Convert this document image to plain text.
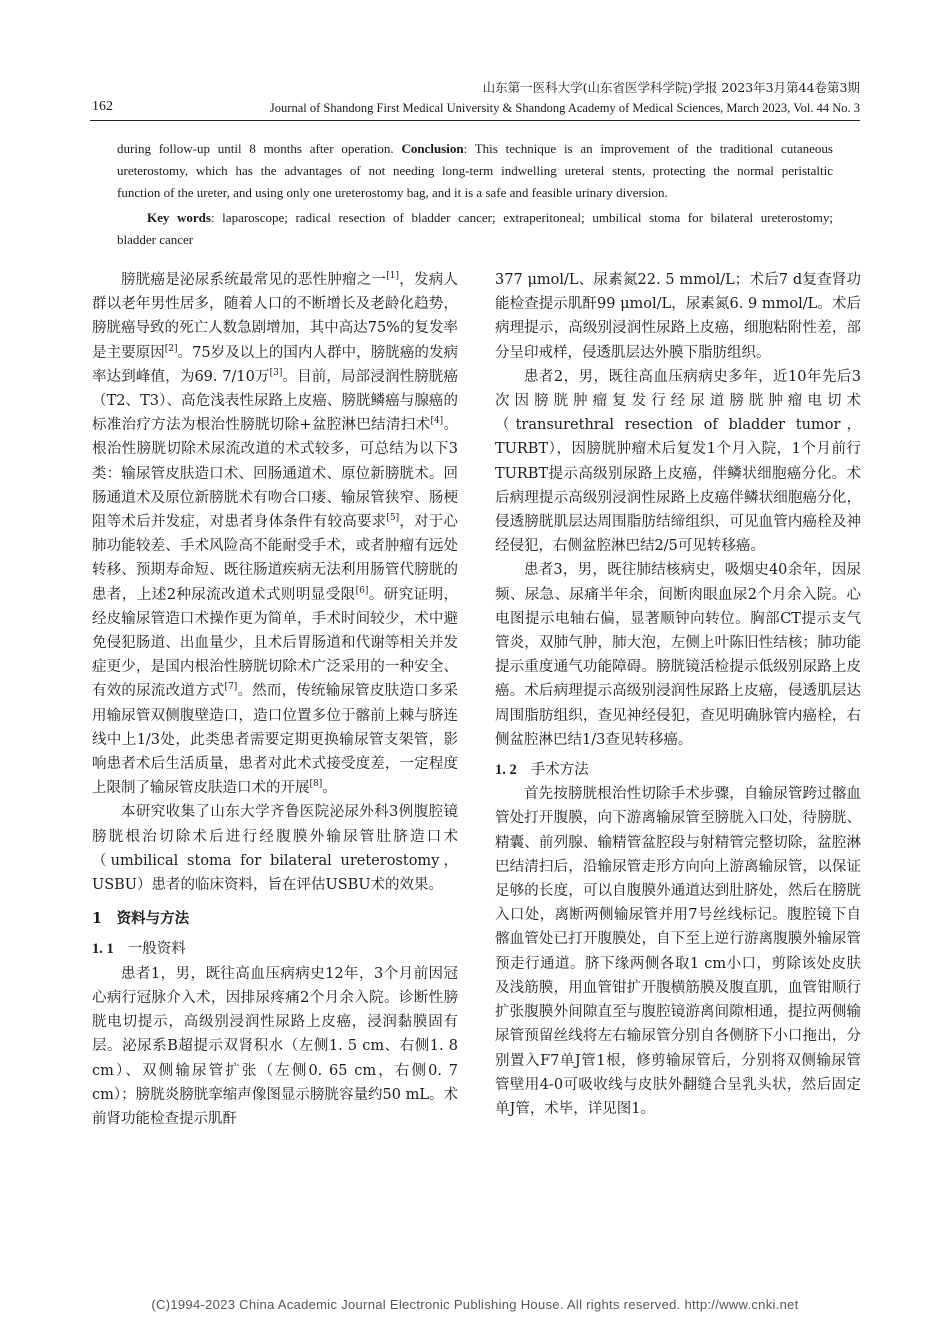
山东第一医科大学(山东省医学科学院)学报 2023年3月第44卷第3期
162	Journal of Shandong First Medical University & Shandong Academy of Medical Sciences, March 2023, Vol. 44 No. 3
during follow-up until 8 months after operation. Conclusion: This technique is an improvement of the traditional cutaneous
ureterostomy, which has the advantages of not needing long-term indwelling ureteral stents, protecting the normal peristaltic
function of the ureter, and using only one ureterostomy bag, and it is a safe and feasible urinary diversion.
Key words: laparoscope; radical resection of bladder cancer; extraperitoneal; umbilical stoma for bilateral ureterostomy;
bladder cancer

膀胱癌是泌尿系统最常见的恶性肿瘤之一[1]，发病人群以老年男性居多，随着人口的不断增长及老龄化趋势，膀胱癌导致的死亡人数急剧增加，其中高达75%的复发率是主要原因[2]。75岁及以上的国内人群中，膀胱癌的发病率达到峰值，为69. 7/10万[3]。目前，局部浸润性膀胱癌（T2、T3）、高危浅表性尿路上皮癌、膀胱鳞癌与腺癌的标准治疗方法为根治性膀胱切除+盆腔淋巴结清扫术[4]。根治性膀胱切除术尿流改道的术式较多，可总结为以下3类：输尿管皮肤造口术、回肠通道术、原位新膀胱术。回肠通道术及原位新膀胱术有吻合口瘘、输尿管狭窄、肠梗阻等术后并发症，对患者身体条件有较高要求[5]，对于心肺功能较差、手术风险高不能耐受手术，或者肿瘤有远处转移、预期寿命短、既往肠道疾病无法利用肠管代膀胱的患者，上述2种尿流改道术式则明显受限[6]。研究证明，经皮输尿管造口术操作更为简单，手术时间较少，术中避免侵犯肠道、出血量少，且术后胃肠道和代谢等相关并发症更少，是国内根治性膀胱切除术广泛采用的一种安全、有效的尿流改道方式[7]。然而，传统输尿管皮肤造口多采用输尿管双侧腹壁造口，造口位置多位于髂前上棘与脐连线中上1/3处，此类患者需要定期更换输尿管支架管，影响患者术后生活质量，患者对此术式接受度差，一定程度上限制了输尿管皮肤造口术的开展[8]。

本研究收集了山东大学齐鲁医院泌尿外科3例腹腔镜膀胱根治切除术后进行经腹膜外输尿管肚脐造口术（umbilical stoma for bilateral ureterostomy，USBU）患者的临床资料，旨在评估USBU术的效果。

1　资料与方法
1. 1 一般资料

患者1，男，既往高血压病病史12年，3个月前因冠心病行冠脉介入术，因排尿疼痛2个月余入院。诊断性膀胱电切提示，高级别浸润性尿路上皮癌，浸润黏膜固有层。泌尿系B超提示双肾积水（左侧1. 5 cm、右侧1. 8 cm）、双侧输尿管扩张（左侧0. 65 cm，右侧0. 7 cm）；膀胱炎膀胱挛缩声像图显示膀胱容量约50 mL。术前肾功能检查提示肌酐

377 μmol/L、尿素氮22. 5 mmol/L；术后7 d复查肾功能检查提示肌酐99 μmol/L，尿素氮6. 9 mmol/L。术后病理提示，高级别浸润性尿路上皮癌，细胞粘附性差，部分呈印戒样，侵透肌层达外膜下脂肪组织。

患者2，男，既往高血压病病史多年，近10年先后3次因膀胱肿瘤复发行经尿道膀胱肿瘤电切术（transurethral resection of bladder tumor，TURBT），因膀胱肿瘤术后复发1个月入院，1个月前行TURBT提示高级别尿路上皮癌，伴鳞状细胞癌分化。术后病理提示高级别浸润性尿路上皮癌伴鳞状细胞癌分化，侵透膀胱肌层达周围脂肪结缔组织，可见血管内癌栓及神经侵犯，右侧盆腔淋巴结2/5可见转移癌。

患者3，男，既往肺结核病史，吸烟史40余年，因尿频、尿急、尿痛半年余，间断肉眼血尿2个月余入院。心电图提示电轴右偏，显著顺钟向转位。胸部CT提示支气管炎，双肺气肿，肺大泡，左侧上叶陈旧性结核；肺功能提示重度通气功能障碍。膀胱镜活检提示低级别尿路上皮癌。术后病理提示高级别浸润性尿路上皮癌，侵透肌层达周围脂肪组织，查见神经侵犯，查见明确脉管内癌栓，右侧盆腔淋巴结1/3查见转移癌。

1. 2 手术方法

首先按膀胱根治性切除手术步骤，自输尿管跨过髂血管处打开腹膜，向下游离输尿管至膀胱入口处，待膀胱、精囊、前列腺、输精管盆腔段与射精管完整切除，盆腔淋巴结清扫后，沿输尿管走形方向向上游离输尿管，以保证足够的长度，可以自腹膜外通道达到肚脐处，然后在膀胱入口处，离断两侧输尿管并用7号丝线标记。腹腔镜下自髂血管处已打开腹膜处，自下至上逆行游离腹膜外输尿管预走行通道。脐下缘两侧各取1 cm小口，剪除该处皮肤及浅筋膜，用血管钳扩开腹横筋膜及腹直肌，血管钳顺行扩张腹膜外间隙直至与腹腔镜游离间隙相通，提拉两侧输尿管预留丝线将左右输尿管分别自各侧脐下小口拖出，分别置入F7单J管1根，修剪输尿管后，分别将双侧输尿管管壁用4-0可吸收线与皮肤外翻缝合呈乳头状，然后固定单J管，术毕，详见图1。

(C)1994-2023 China Academic Journal Electronic Publishing House. All rights reserved. http://www.cnki.net
